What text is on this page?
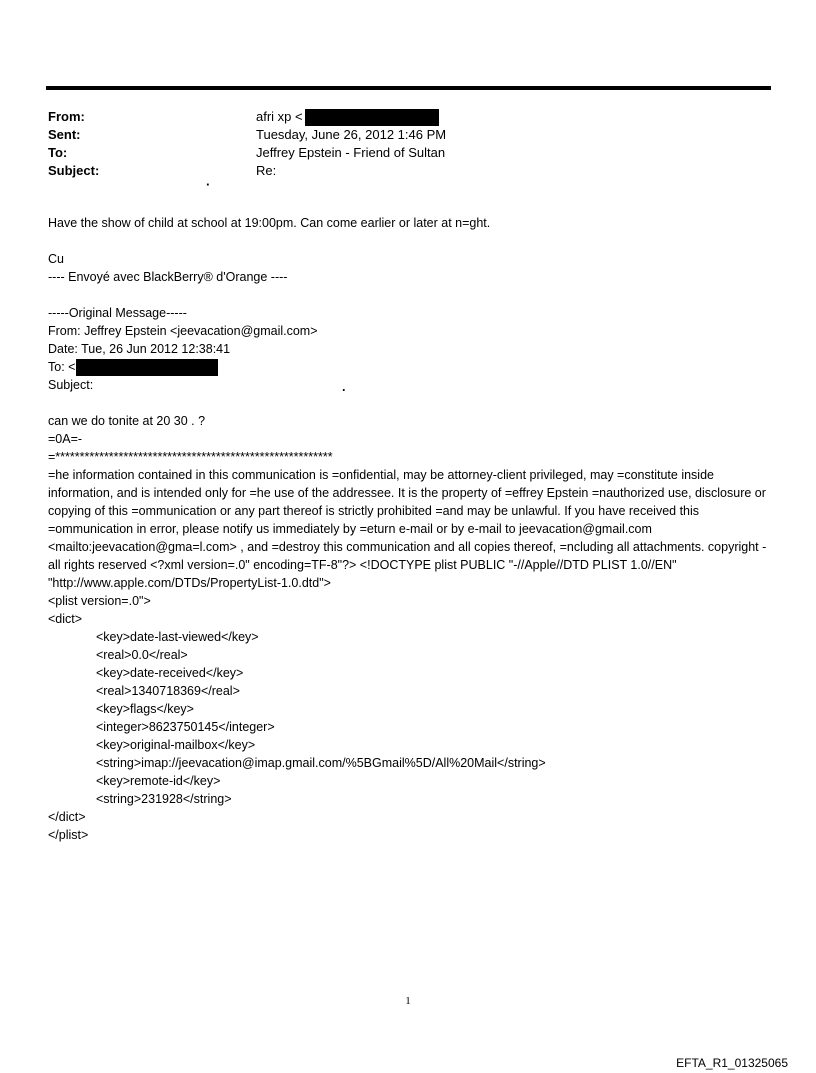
From:	afri xp <
Sent:	Tuesday, June 26, 2012 1:46 PM
To:	Jeffrey Epstein - Friend of Sultan
Subject:	Re:
·
Have the show of child at school at 19:00pm. Can come earlier or later at n=ght.
Cu
---- Envoyé avec BlackBerry® d'Orange ----
-----Original Message-----
From: Jeffrey Epstein <jeevacation@gmail.com>
Date: Tue, 26 Jun 2012 12:38:41
To: <
Subject:	.
can we do tonite at 20 30 . ?
=0A=-
=*********************************************************
=he information contained in this communication is =onfidential, may be attorney-client privileged, may =constitute inside information, and is intended only for =he use of the addressee. It is the property of =effrey Epstein =nauthorized use, disclosure or copying of this =ommunication or any part thereof is strictly prohibited =and may be unlawful. If you have received this =ommunication in error, please notify us immediately by =eturn e-mail or by e-mail to jeevacation@gmail.com <mailto:jeevacation@gma=l.com> , and =destroy this communication and all copies thereof, =ncluding all attachments. copyright -all rights reserved <?xml version=.0" encoding=TF-8"?> <!DOCTYPE plist PUBLIC "-//Apple//DTD PLIST 1.0//EN" "http://www.apple.com/DTDs/PropertyList-1.0.dtd">
<plist version=.0">
<dict>
<key>date-last-viewed</key>
<real>0.0</real>
<key>date-received</key>
<real>1340718369</real>
<key>flags</key>
<integer>8623750145</integer>
<key>original-mailbox</key>
<string>imap://jeevacation@imap.gmail.com/%5BGmail%5D/All%20Mail</string>
<key>remote-id</key>
<string>231928</string>
</dict>
</plist>
1
EFTA_R1_01325065
